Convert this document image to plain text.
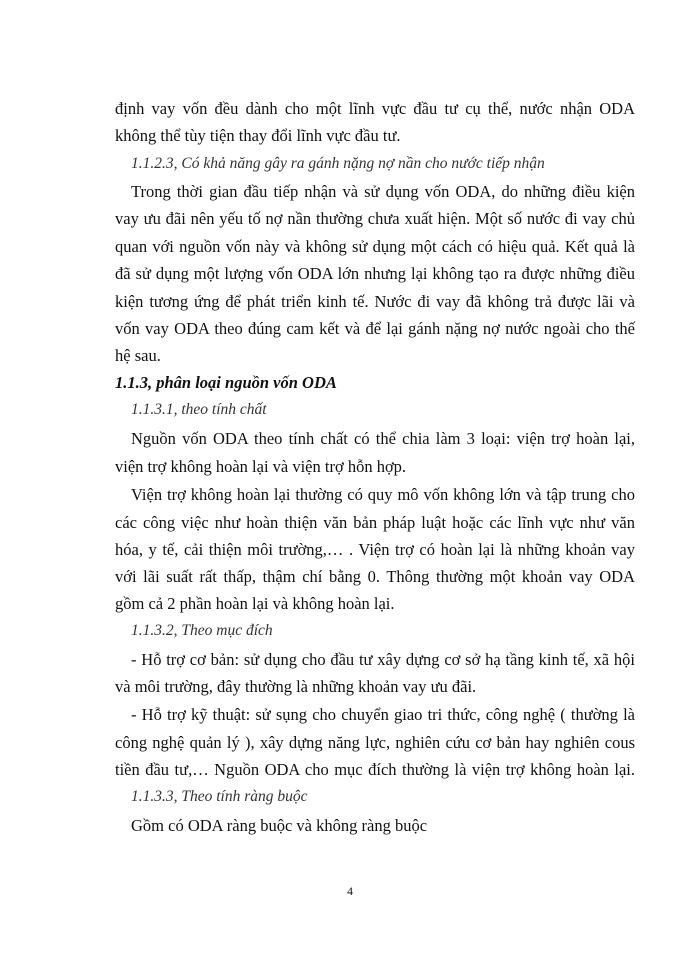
định vay vốn đều dành cho một lĩnh vực đầu tư cụ thể, nước nhận ODA
không thể tùy tiện thay đổi lĩnh vực đầu tư.
1.1.2.3, Có khả năng gây ra gánh nặng nợ nần cho nước tiếp nhận
Trong thời gian đầu tiếp nhận và sử dụng vốn ODA, do những điều kiện
vay ưu đãi nên yếu tố nợ nần thường chưa xuất hiện. Một số nước đi vay chủ
quan với nguồn vốn này và không sử dụng một cách có hiệu quả. Kết quả là
đã sử dụng một lượng vốn ODA lớn nhưng lại không tạo ra được những điều
kiện tương ứng để phát triển kinh tế. Nước đi vay đã không trả được lãi và
vốn vay ODA theo đúng cam kết và để lại gánh nặng nợ nước ngoài cho thế
hệ sau.
1.1.3, phân loại nguồn vốn ODA
1.1.3.1, theo tính chất
Nguồn vốn ODA theo tính chất có thể chia làm 3 loại: viện trợ hoàn lại,
viện trợ không hoàn lại và viện trợ hỗn hợp.
Viện trợ không hoàn lại thường có quy mô vốn không lớn và tập trung cho
các công việc như hoàn thiện văn bản pháp luật hoặc các lĩnh vực như văn
hóa, y tế, cải thiện môi trường,… . Viện trợ có hoàn lại là những khoản vay
với lãi suất rất thấp, thậm chí bằng 0. Thông thường một khoản vay ODA
gồm cả 2 phần hoàn lại và không hoàn lại.
1.1.3.2, Theo mục đích
- Hỗ trợ cơ bản: sử dụng cho đầu tư xây dựng cơ sở hạ tầng kinh tế, xã hội
và môi trường, đây thường là những khoản vay ưu đãi.
- Hỗ trợ kỹ thuật: sử sụng cho chuyển giao tri thức, công nghệ ( thường là
công nghệ quản lý ), xây dựng năng lực, nghiên cứu cơ bản hay nghiên cous
tiền đầu tư,… Nguồn ODA cho mục đích thường là viện trợ không hoàn lại.
1.1.3.3, Theo tính ràng buộc
Gồm có ODA ràng buộc và không ràng buộc
4
